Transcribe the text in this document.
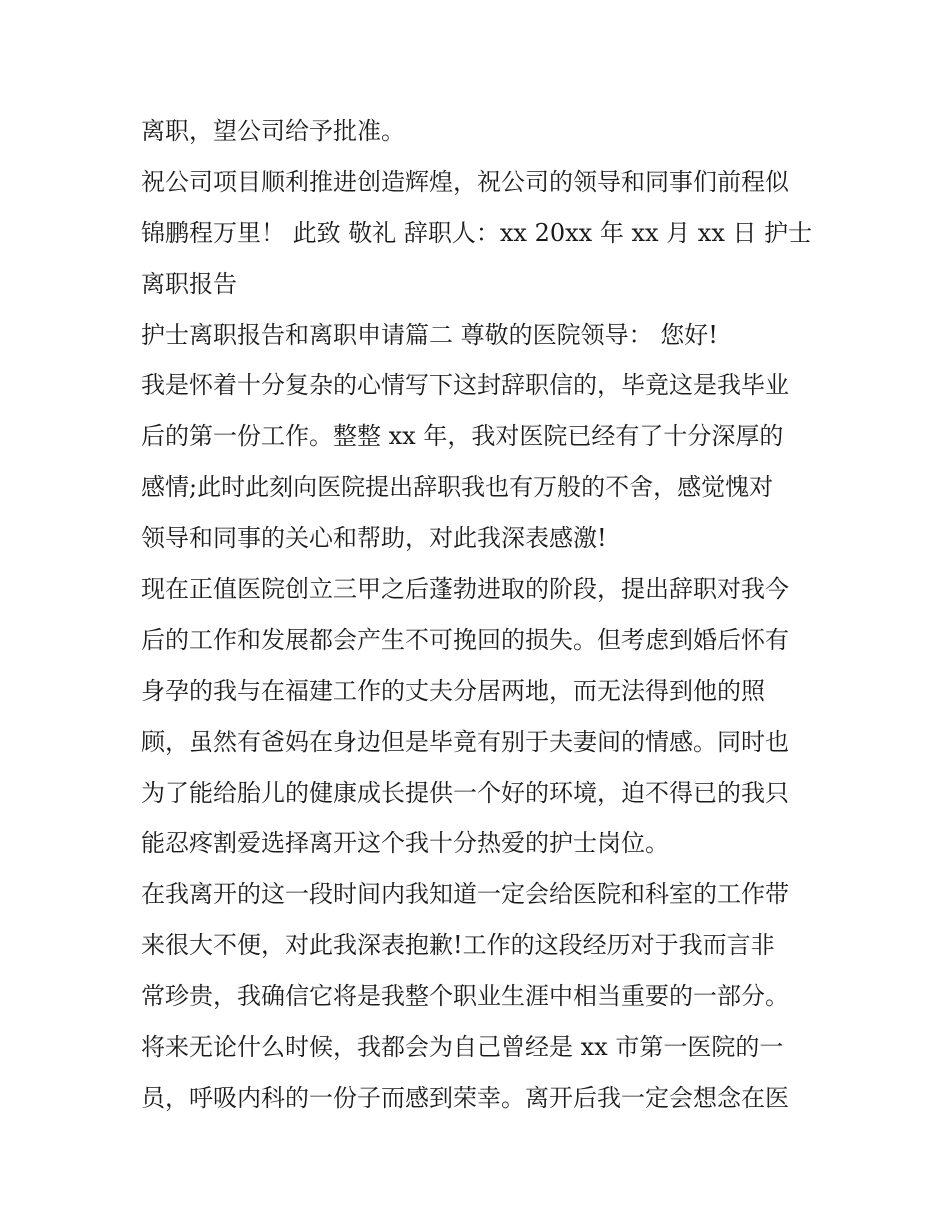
离职，望公司给予批准。
祝公司项目顺利推进创造辉煌，祝公司的领导和同事们前程似
锦鹏程万里！ 此致 敬礼 辞职人：xx 20xx 年 xx 月 xx 日 护士
离职报告
护士离职报告和离职申请篇二 尊敬的医院领导： 您好!
我是怀着十分复杂的心情写下这封辞职信的，毕竟这是我毕业
后的第一份工作。整整 xx 年，我对医院已经有了十分深厚的
感情;此时此刻向医院提出辞职我也有万般的不舍，感觉愧对
领导和同事的关心和帮助，对此我深表感激!
现在正值医院创立三甲之后蓬勃进取的阶段，提出辞职对我今
后的工作和发展都会产生不可挽回的损失。但考虑到婚后怀有
身孕的我与在福建工作的丈夫分居两地，而无法得到他的照
顾，虽然有爸妈在身边但是毕竟有别于夫妻间的情感。同时也
为了能给胎儿的健康成长提供一个好的环境，迫不得已的我只
能忍疼割爱选择离开这个我十分热爱的护士岗位。
在我离开的这一段时间内我知道一定会给医院和科室的工作带
来很大不便，对此我深表抱歉!工作的这段经历对于我而言非
常珍贵，我确信它将是我整个职业生涯中相当重要的一部分。
将来无论什么时候，我都会为自己曾经是 xx 市第一医院的一
员，呼吸内科的一份子而感到荣幸。离开后我一定会想念在医
